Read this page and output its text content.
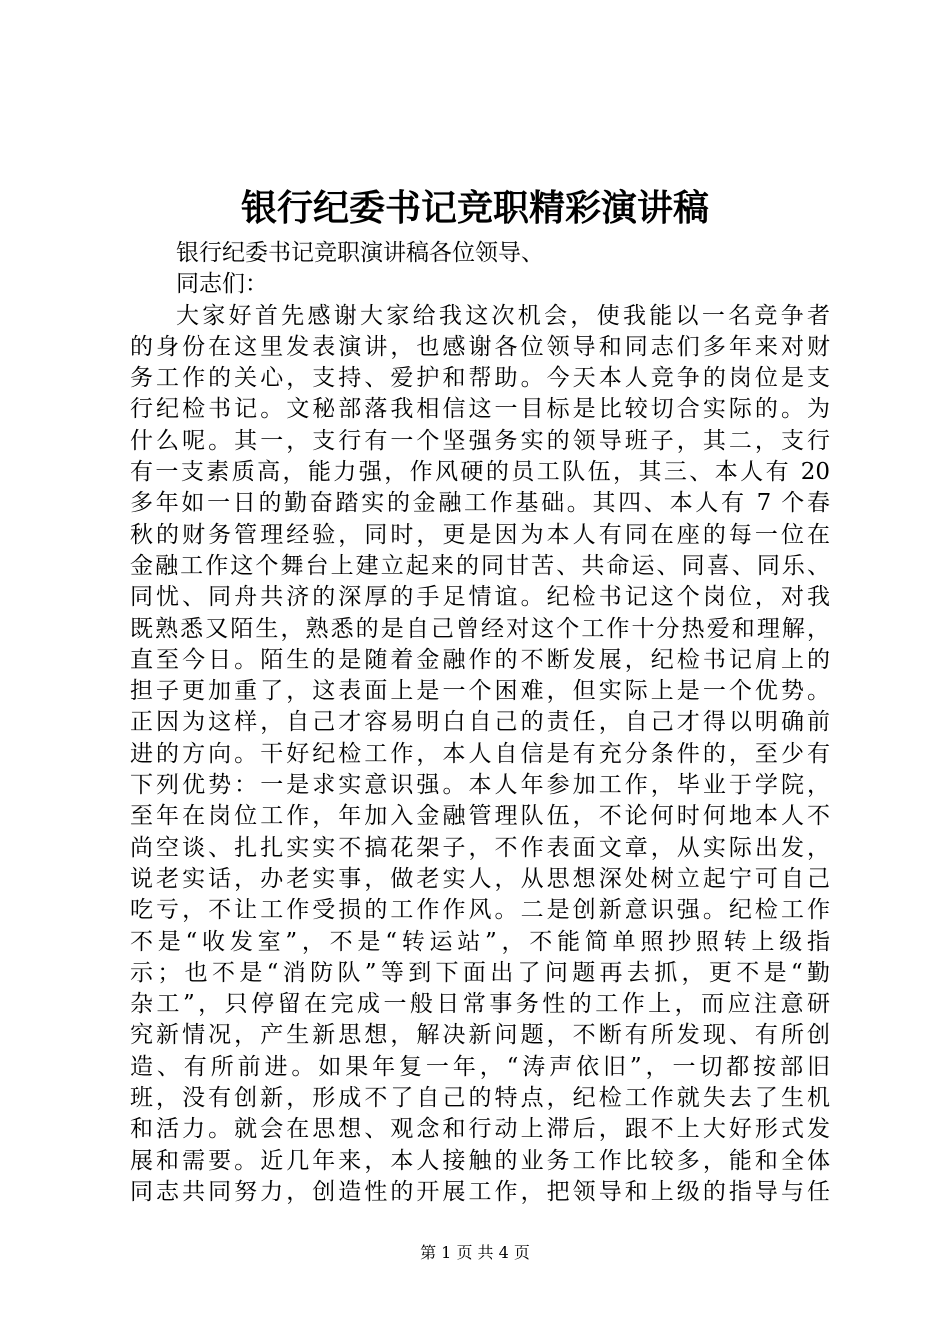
银行纪委书记竞职精彩演讲稿
银行纪委书记竞职演讲稿各位领导、
同志们：
大家好首先感谢大家给我这次机会，使我能以一名竞争者
的身份在这里发表演讲，也感谢各位领导和同志们多年来对财
务工作的关心，支持、爱护和帮助。今天本人竞争的岗位是支
行纪检书记。文秘部落我相信这一目标是比较切合实际的。为
什么呢。其一，支行有一个坚强务实的领导班子，其二，支行
有一支素质高，能力强，作风硬的员工队伍，其三、本人有 20
多年如一日的勤奋踏实的金融工作基础。其四、本人有 7 个春
秋的财务管理经验，同时，更是因为本人有同在座的每一位在
金融工作这个舞台上建立起来的同甘苦、共命运、同喜、同乐、
同忧、同舟共济的深厚的手足情谊。纪检书记这个岗位，对我
既熟悉又陌生，熟悉的是自己曾经对这个工作十分热爱和理解，
直至今日。陌生的是随着金融作的不断发展，纪检书记肩上的
担子更加重了，这表面上是一个困难，但实际上是一个优势。
正因为这样，自己才容易明白自己的责任，自己才得以明确前
进的方向。干好纪检工作，本人自信是有充分条件的，至少有
下列优势：一是求实意识强。本人年参加工作，毕业于学院，
至年在岗位工作，年加入金融管理队伍，不论何时何地本人不
尚空谈、扎扎实实不搞花架子，不作表面文章，从实际出发，
说老实话，办老实事，做老实人，从思想深处树立起宁可自己
吃亏，不让工作受损的工作作风。二是创新意识强。纪检工作
不是“收发室”，不是“转运站”，不能简单照抄照转上级指
示；也不是“消防队”等到下面出了问题再去抓，更不是“勤
杂工”，只停留在完成一般日常事务性的工作上，而应注意研
究新情况，产生新思想，解决新问题，不断有所发现、有所创
造、有所前进。如果年复一年，“涛声依旧”，一切都按部旧
班，没有创新，形成不了自己的特点，纪检工作就失去了生机
和活力。就会在思想、观念和行动上滞后，跟不上大好形式发
展和需要。近几年来，本人接触的业务工作比较多，能和全体
同志共同努力，创造性的开展工作，把领导和上级的指导与任
第 1 页 共 4 页
